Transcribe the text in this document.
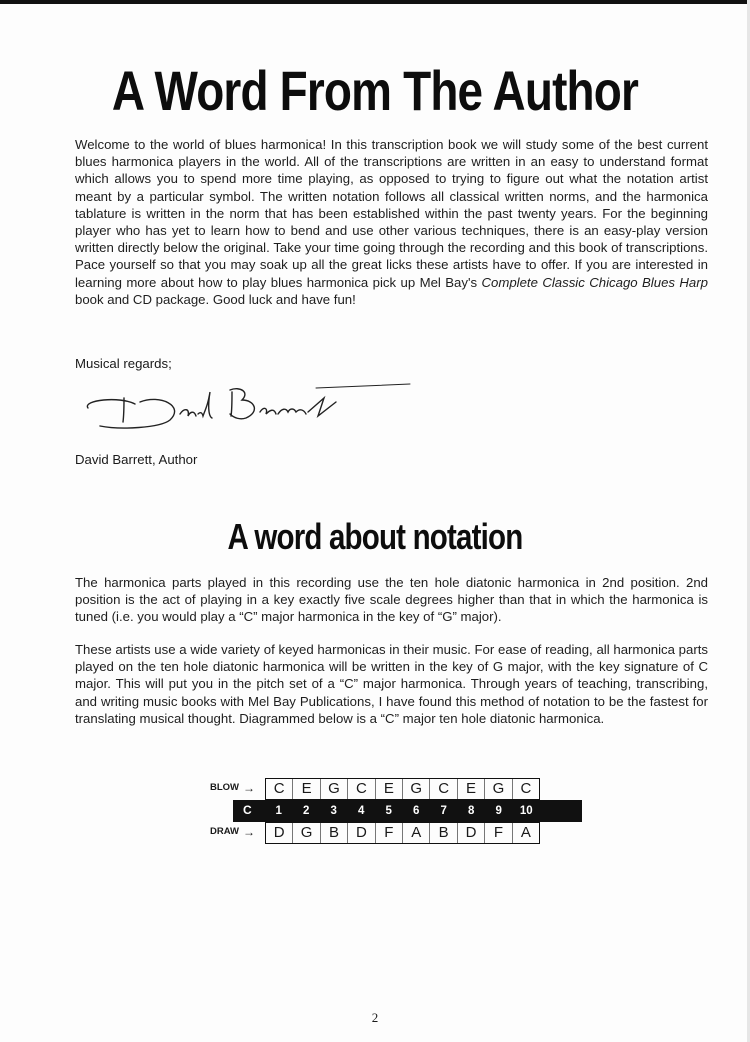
A Word From The Author

Welcome to the world of blues harmonica! In this transcription book we will study some of the best current blues harmonica players in the world. All of the transcriptions are written in an easy to understand format which allows you to spend more time playing, as opposed to trying to figure out what the notation artist meant by a particular symbol. The written notation follows all classical written norms, and the harmonica tablature is written in the norm that has been established within the past twenty years. For the beginning player who has yet to learn how to bend and use other various techniques, there is an easy-play version written directly below the original. Take your time going through the recording and this book of transcriptions. Pace yourself so that you may soak up all the great licks these artists have to offer. If you are interested in learning more about how to play blues harmonica pick up Mel Bay's Complete Classic Chicago Blues Harp book and CD package. Good luck and have fun!

Musical regards;

David Barrett, Author

A word about notation

The harmonica parts played in this recording use the ten hole diatonic harmonica in 2nd position. 2nd position is the act of playing in a key exactly five scale degrees higher than that in which the harmonica is tuned (i.e. you would play a “C” major harmonica in the key of “G” major).

These artists use a wide variety of keyed harmonicas in their music. For ease of reading, all harmonica parts played on the ten hole diatonic harmonica will be written in the key of G major, with the key signature of C major. This will put you in the pitch set of a “C” major harmonica. Through years of teaching, transcribing, and writing music books with Mel Bay Publications, I have found this method of notation to be the fastest for translating musical thought. Diagrammed below is a “C” major ten hole diatonic harmonica.

BLOW →	C	E	G	C	E	G	C	E	G	C
C	1	2	3	4	5	6	7	8	9	10
DRAW →	D	G	B	D	F	A	B	D	F	A

2
